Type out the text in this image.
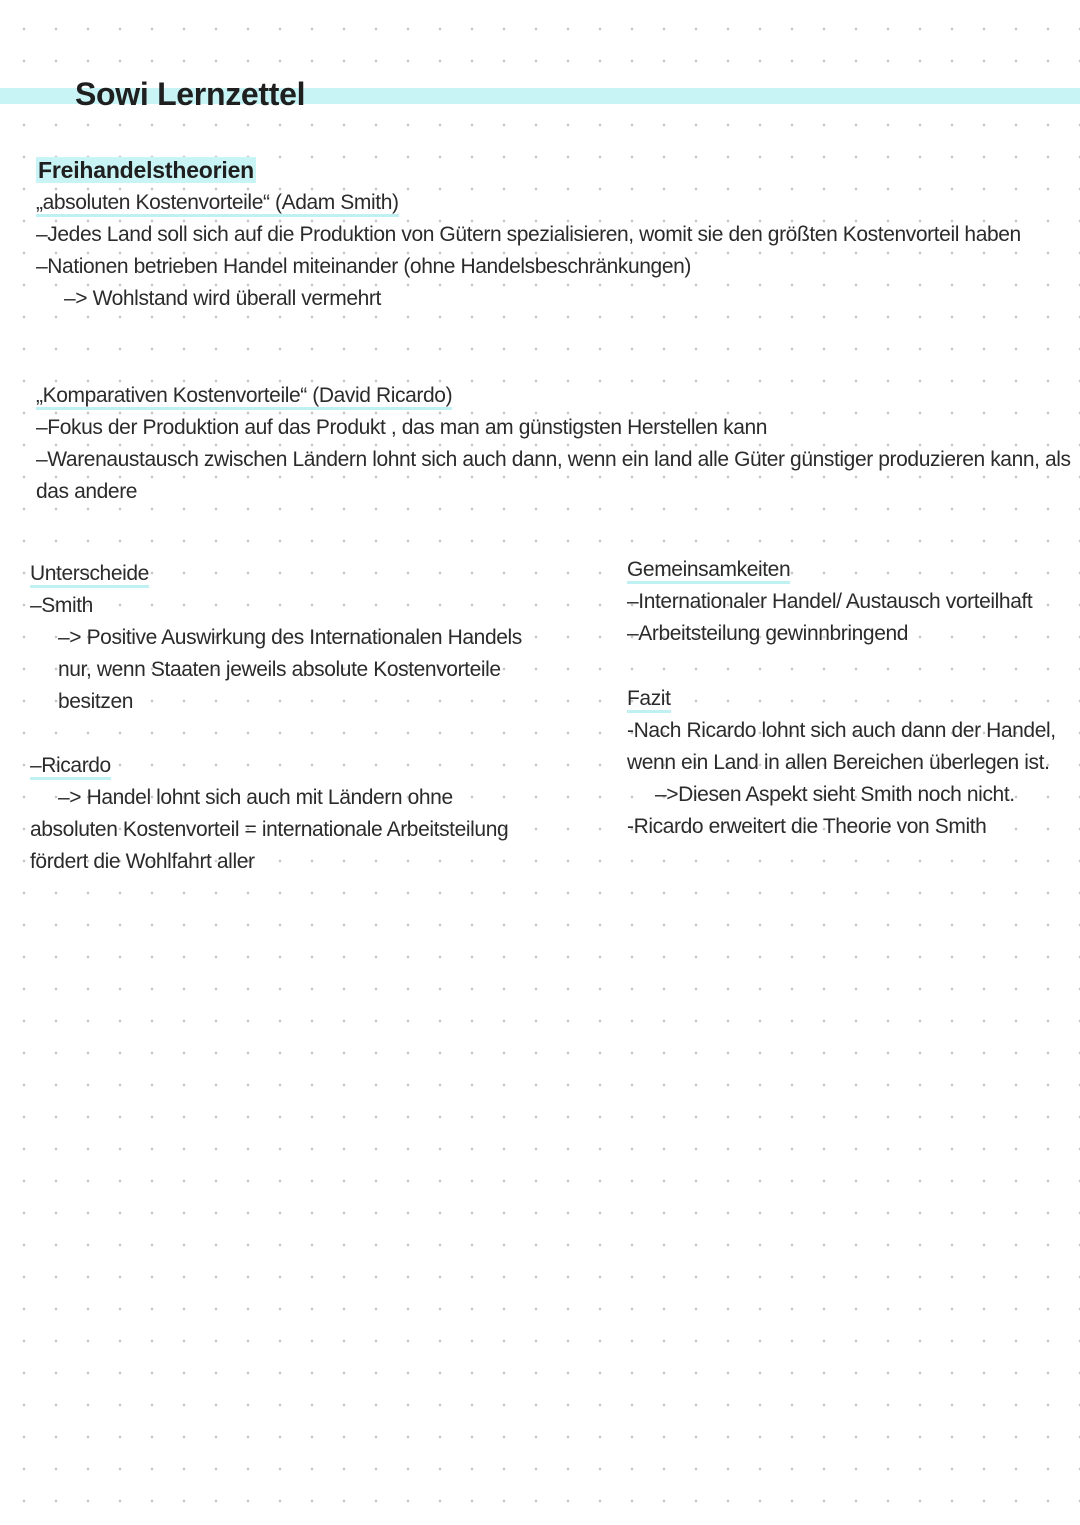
Sowi Lernzettel
Freihandelstheorien
„absoluten Kostenvorteile“ (Adam Smith)
–Jedes Land soll sich auf die Produktion von Gütern spezialisieren, womit sie den größten Kostenvorteil haben
–Nationen betrieben Handel miteinander (ohne Handelsbeschränkungen)
–> Wohlstand wird überall vermehrt
„Komparativen Kostenvorteile“ (David Ricardo)
–Fokus der Produktion auf das Produkt , das man am günstigsten Herstellen kann
–Warenaustausch zwischen Ländern lohnt sich auch dann, wenn ein land alle Güter günstiger produzieren kann, als
das andere
Unterscheide
–Smith
–> Positive Auswirkung des Internationalen Handels
nur, wenn Staaten jeweils absolute Kostenvorteile
besitzen
–Ricardo
–> Handel lohnt sich auch mit Ländern ohne
absoluten Kostenvorteil = internationale Arbeitsteilung
fördert die Wohlfahrt aller
Gemeinsamkeiten
–Internationaler Handel/ Austausch vorteilhaft
–Arbeitsteilung gewinnbringend
Fazit
-Nach Ricardo lohnt sich auch dann der Handel,
wenn ein Land in allen Bereichen überlegen ist.
–>Diesen Aspekt sieht Smith noch nicht.
-Ricardo erweitert die Theorie von Smith
